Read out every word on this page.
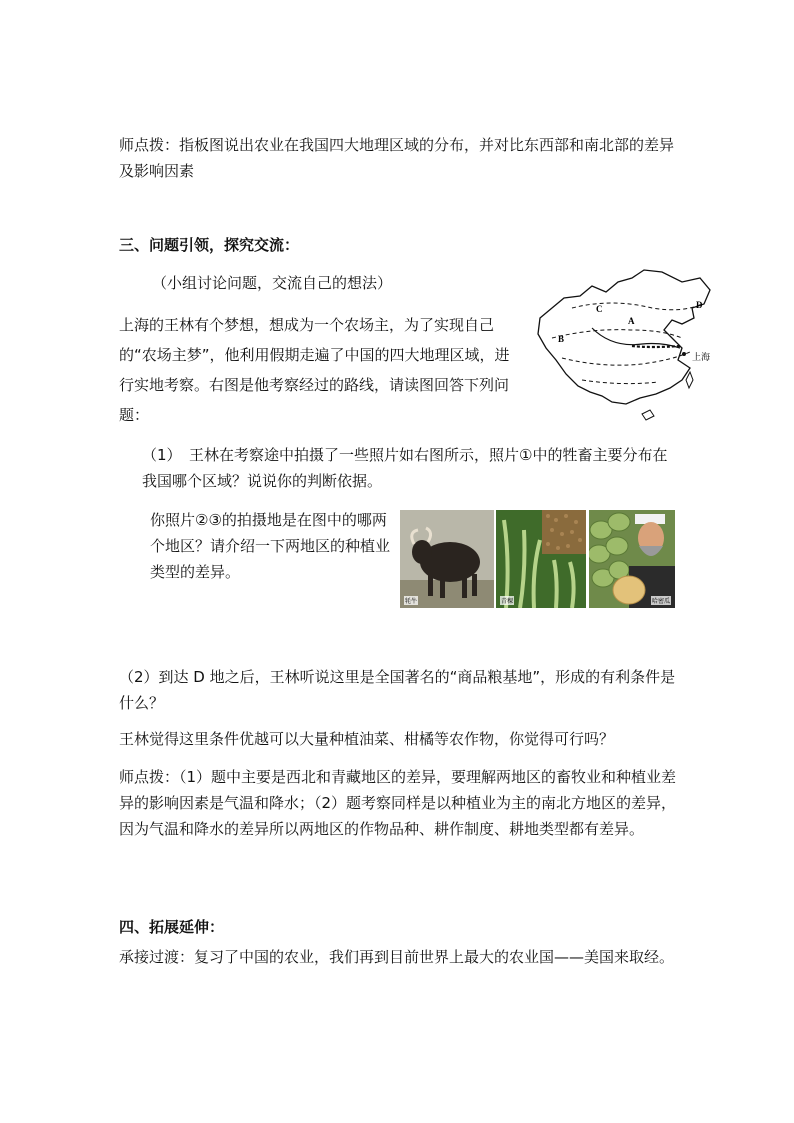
师点拨：指板图说出农业在我国四大地理区域的分布，并对比东西部和南北部的差异及影响因素

三、问题引领，探究交流：

（小组讨论问题，交流自己的想法）

上海的王林有个梦想，想成为一个农场主，为了实现自己的“农场主梦”，他利用假期走遍了中国的四大地理区域，进行实地考察。右图是他考察经过的路线，请读图回答下列问题：

C	D
B
A
上海

（1）　王林在考察途中拍摄了一些照片如右图所示，照片①中的牲畜主要分布在我国哪个区域？说说你的判断依据。

你照片②③的拍摄地是在图中的哪两个地区？请介绍一下两地区的种植业类型的差异。

牦牛	青稞	哈密瓜

（2）到达 D 地之后，王林听说这里是全国著名的“商品粮基地”，形成的有利条件是什么？

王林觉得这里条件优越可以大量种植油菜、柑橘等农作物，你觉得可行吗？

师点拨：（1）题中主要是西北和青藏地区的差异，要理解两地区的畜牧业和种植业差异的影响因素是气温和降水；（2）题考察同样是以种植业为主的南北方地区的差异，因为气温和降水的差异所以两地区的作物品种、耕作制度、耕地类型都有差异。

四、拓展延伸：

承接过渡：复习了中国的农业，我们再到目前世界上最大的农业国——美国来取经。
